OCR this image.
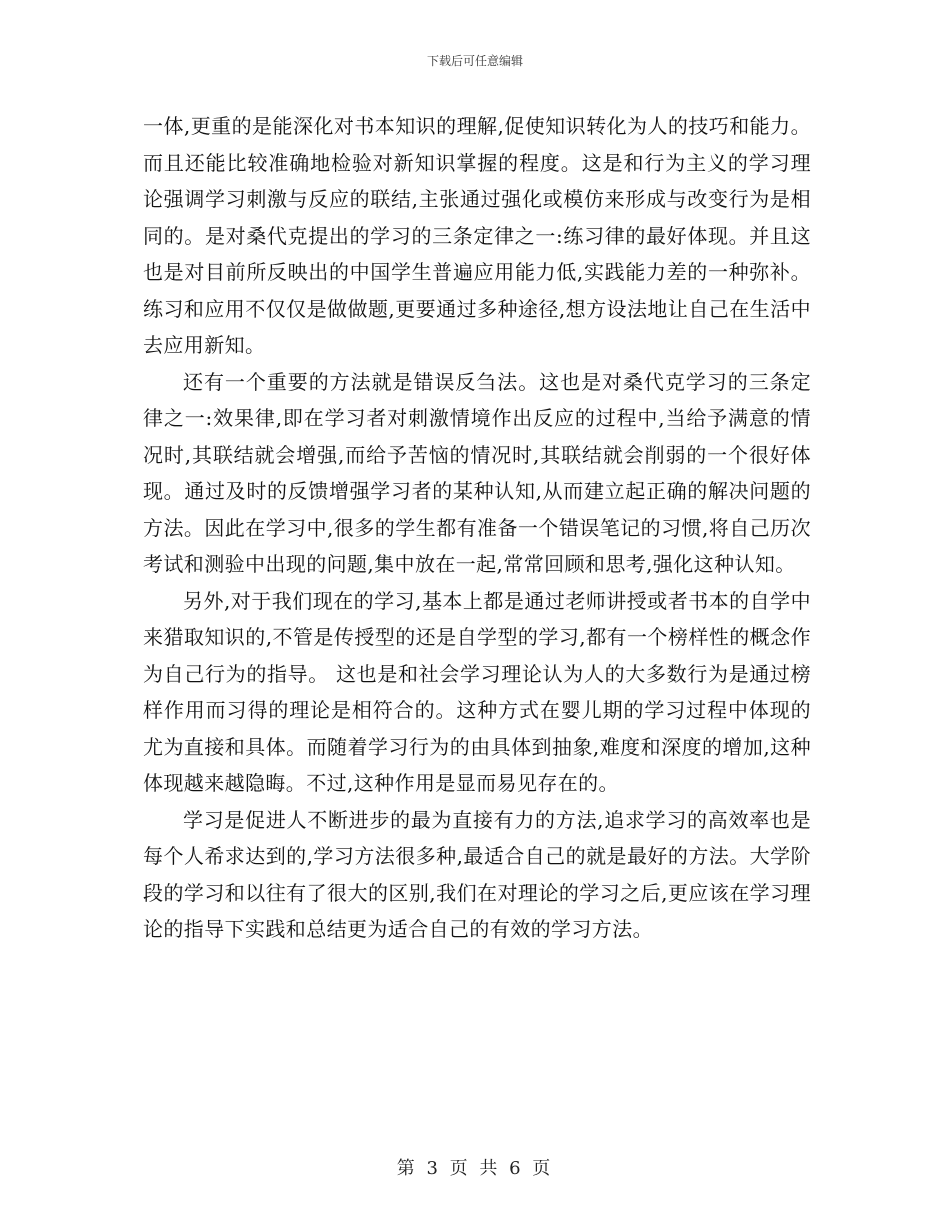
下载后可任意编辑

一体,更重的是能深化对书本知识的理解,促使知识转化为人的技巧和能力。而且还能比较准确地检验对新知识掌握的程度。这是和行为主义的学习理论强调学习刺激与反应的联结,主张通过强化或模仿来形成与改变行为是相同的。是对桑代克提出的学习的三条定律之一:练习律的最好体现。并且这也是对目前所反映出的中国学生普遍应用能力低,实践能力差的一种弥补。练习和应用不仅仅是做做题,更要通过多种途径,想方设法地让自己在生活中去应用新知。

还有一个重要的方法就是错误反刍法。这也是对桑代克学习的三条定律之一:效果律,即在学习者对刺激情境作出反应的过程中,当给予满意的情况时,其联结就会增强,而给予苦恼的情况时,其联结就会削弱的一个很好体现。通过及时的反馈增强学习者的某种认知,从而建立起正确的解决问题的方法。因此在学习中,很多的学生都有准备一个错误笔记的习惯,将自己历次考试和测验中出现的问题,集中放在一起,常常回顾和思考,强化这种认知。

另外,对于我们现在的学习,基本上都是通过老师讲授或者书本的自学中来猎取知识的,不管是传授型的还是自学型的学习,都有一个榜样性的概念作为自己行为的指导。 这也是和社会学习理论认为人的大多数行为是通过榜样作用而习得的理论是相符合的。这种方式在婴儿期的学习过程中体现的尤为直接和具体。而随着学习行为的由具体到抽象,难度和深度的增加,这种体现越来越隐晦。不过,这种作用是显而易见存在的。

学习是促进人不断进步的最为直接有力的方法,追求学习的高效率也是每个人希求达到的,学习方法很多种,最适合自己的就是最好的方法。大学阶段的学习和以往有了很大的区别,我们在对理论的学习之后,更应该在学习理论的指导下实践和总结更为适合自己的有效的学习方法。

第 3 页 共 6 页
